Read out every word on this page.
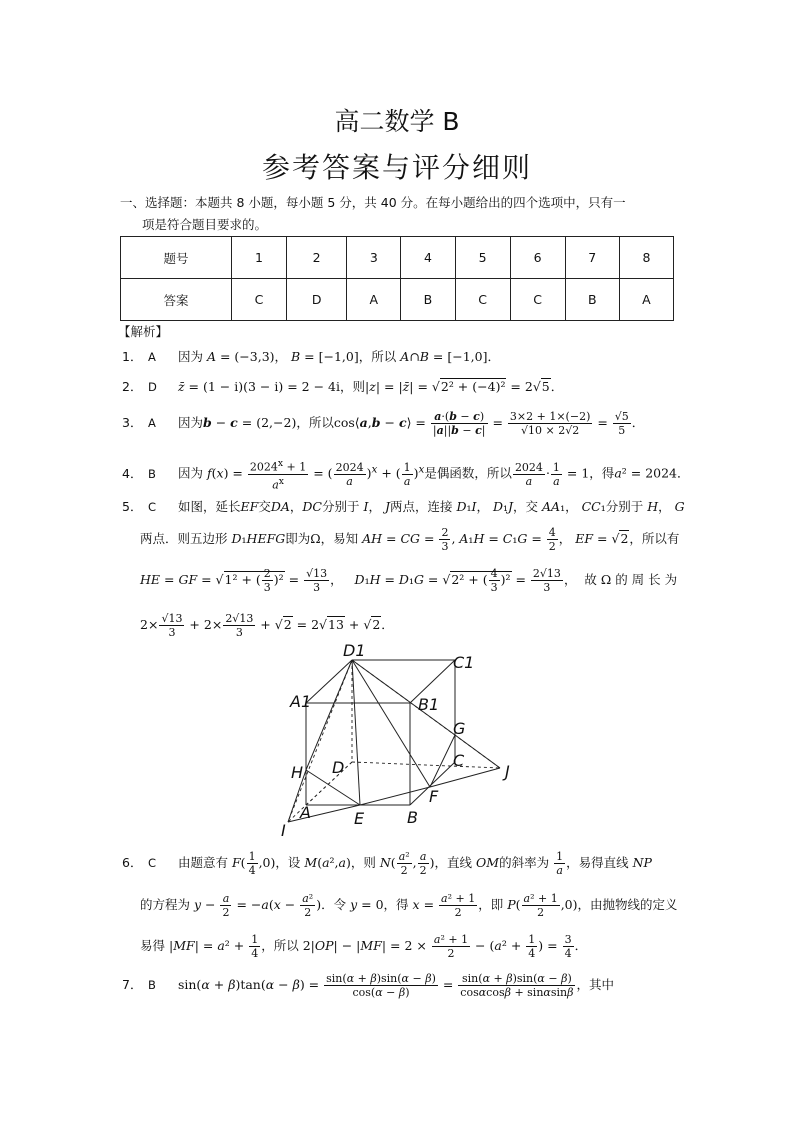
高二数学 B
参考答案与评分细则
一、选择题：本题共 8 小题，每小题 5 分，共 40 分。在每小题给出的四个选项中，只有一
项是符合题目要求的。
题号	1	2	3	4	5	6	7	8
答案	C	D	A	B	C	C	B	A
【解析】
1． A 因为 A = (−3,3)， B = [−1,0]，所以 A∩B = [−1,0]．
2． D z̄ = (1 − i)(3 − i) = 2 − 4i，则|z| = |z̄| = √2² + (−4)² = 2√5．
3． A 因为b − c = (2,−2)，所以cos⟨a,b − c⟩ = $\frac{a\cdot(b - c)}{|a||b - c|} = \frac{3\times 2 + 1\times(-2)}{√10 \times 2√2} = \frac{√5}{5}$ ．
4． B 因为 $f(x) = \frac{2024^x + 1}{a^x}$ = ( $\frac{2024}{a} )^x$ + ( $\frac{1}{a} )^x$是偶函数，所以 $\frac{2024}{a} \cdot \frac{1}{a} = 1$，得a² = 2024．
5． C 如图，延长EF交DA，DC分别于 I， J两点，连接 D₁I， D₁J，交 AA₁， CC₁分别于 H， G
两点．则五边形 D₁HEFG即为Ω，易知 AH = CG = $\frac{2}{3}$ , $A_1H = C_1G = \frac{4}{2}$ ， EF = √2，所以有
HE = GF = √1² + ( $\frac{2}{3} )^2 = \frac{√13}{3}$ ，   D₁H = D₁G = √2² + ( $\frac{4}{3} )^2 = \frac{2√13}{3}$ ，  故 Ω 的 周 长 为
$2\times \frac{√13}{3} + 2\times \frac{2√13}{3} + √2 = 2√13 + √2$．
D1
C1
A1	B1
G
C
J
H D
F
A	E	B
I
6． C 由题意有 $F( \frac{1}{4} ,0)$，设 M(a²,a)，则 $N( \frac{\text{a²}}{2}$ , $\frac{a}{2}$ )，直线 OM的斜率为 $\frac{1}{a}$ ，易得直线 NP
的方程为 $y - \frac{a}{2} = -a(x - \frac{\text{a²}}{2}$ )．令 y = 0，得 $x = \frac{\text{a² + 1}}{2}$ ，即 $P( \frac{\text{a² + 1}}{2} ,0)$，由抛物线的定义
易得 $|MF| = a^2 + \frac{1}{4}$ ，所以 $2|OP| - |MF| = 2 \times \frac{\text{a² + 1}}{2} - (a^2 + \frac{1}{4}$ ) = $\frac{3}{4}$ ．
7． B $\sin(\alpha + \beta)\tan(\alpha - \beta) = \frac{\sin(\alpha + \beta)\sin(\alpha - \beta)}{\cos(\alpha - \beta)} = \frac{\sin(\alpha + \beta)\sin(\alpha - \beta)}{\cos\alpha\cos\beta + \sin\alpha\sin\beta}$ ，其中
